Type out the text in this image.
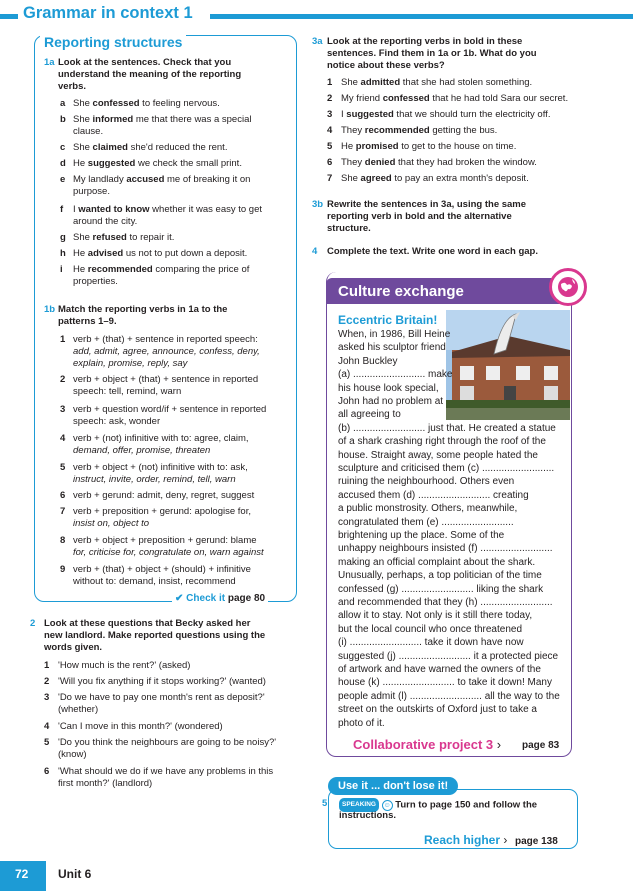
Grammar in context 1
Reporting structures
1a Look at the sentences. Check that you
understand the meaning of the reporting
verbs.
a She confessed to feeling nervous.
b She informed me that there was a special
clause.
c She claimed she'd reduced the rent.
d He suggested we check the small print.
e My landlady accused me of breaking it on
purpose.
f I wanted to know whether it was easy to get
around the city.
g She refused to repair it.
h He advised us not to put down a deposit.
i He recommended comparing the price of
properties.
1b Match the reporting verbs in 1a to the
patterns 1–9.
1 verb + (that) + sentence in reported speech:
add, admit, agree, announce, confess, deny,
explain, promise, reply, say
2 verb + object + (that) + sentence in reported
speech: tell, remind, warn
3 verb + question word/if + sentence in reported
speech: ask, wonder
4 verb + (not) infinitive with to: agree, claim,
demand, offer, promise, threaten
5 verb + object + (not) infinitive with to: ask,
instruct, invite, order, remind, tell, warn
6 verb + gerund: admit, deny, regret, suggest
7 verb + preposition + gerund: apologise for,
insist on, object to
8 verb + object + preposition + gerund: blame
for, criticise for, congratulate on, warn against
9 verb + (that) + object + (should) + infinitive
without to: demand, insist, recommend
✔ Check it page 80
2 Look at these questions that Becky asked her
new landlord. Make reported questions using the
words given.
1 'How much is the rent?' (asked)
2 'Will you fix anything if it stops working?' (wanted)
3 'Do we have to pay one month's rent as deposit?'
(whether)
4 'Can I move in this month?' (wondered)
5 'Do you think the neighbours are going to be noisy?'
(know)
6 'What should we do if we have any problems in this
first month?' (landlord)
3a Look at the reporting verbs in bold in these
sentences. Find them in 1a or 1b. What do you
notice about these verbs?
1 She admitted that she had stolen something.
2 My friend confessed that he had told Sara our secret.
3 I suggested that we should turn the electricity off.
4 They recommended getting the bus.
5 He promised to get to the house on time.
6 They denied that they had broken the window.
7 She agreed to pay an extra month's deposit.
3b Rewrite the sentences in 3a, using the same
reporting verb in bold and the alternative
structure.
4 Complete the text. Write one word in each gap.
Culture exchange
Eccentric Britain!
When, in 1986, Bill Heine
asked his sculptor friend
John Buckley
(a) .......................... make
his house look special,
John had no problem at
all agreeing to
(b) .......................... just that. He created a statue
of a shark crashing right through the roof of the
house. Straight away, some people hated the
sculpture and criticised them (c) ..........................
ruining the neighbourhood. Others even
accused them (d) .......................... creating
a public monstrosity. Others, meanwhile,
congratulated them (e) ..........................
brightening up the place. Some of the
unhappy neighbours insisted (f) ..........................
making an official complaint about the shark.
Unusually, perhaps, a top politician of the time
confessed (g) .......................... liking the shark
and recommended that they (h) ..........................
allow it to stay. Not only is it still there today,
but the local council who once threatened
(i) .......................... take it down have now
suggested (j) .......................... it a protected piece
of artwork and have warned the owners of the
house (k) .......................... to take it down! Many
people admit (l) .......................... all the way to the
street on the outskirts of Oxford just to take a
photo of it.
Collaborative project 3 › page 83
Use it ... don't lose it!
5	SPEAKING ☺ Turn to page 150 and follow the
instructions.
Reach higher › page 138
72 Unit 6
